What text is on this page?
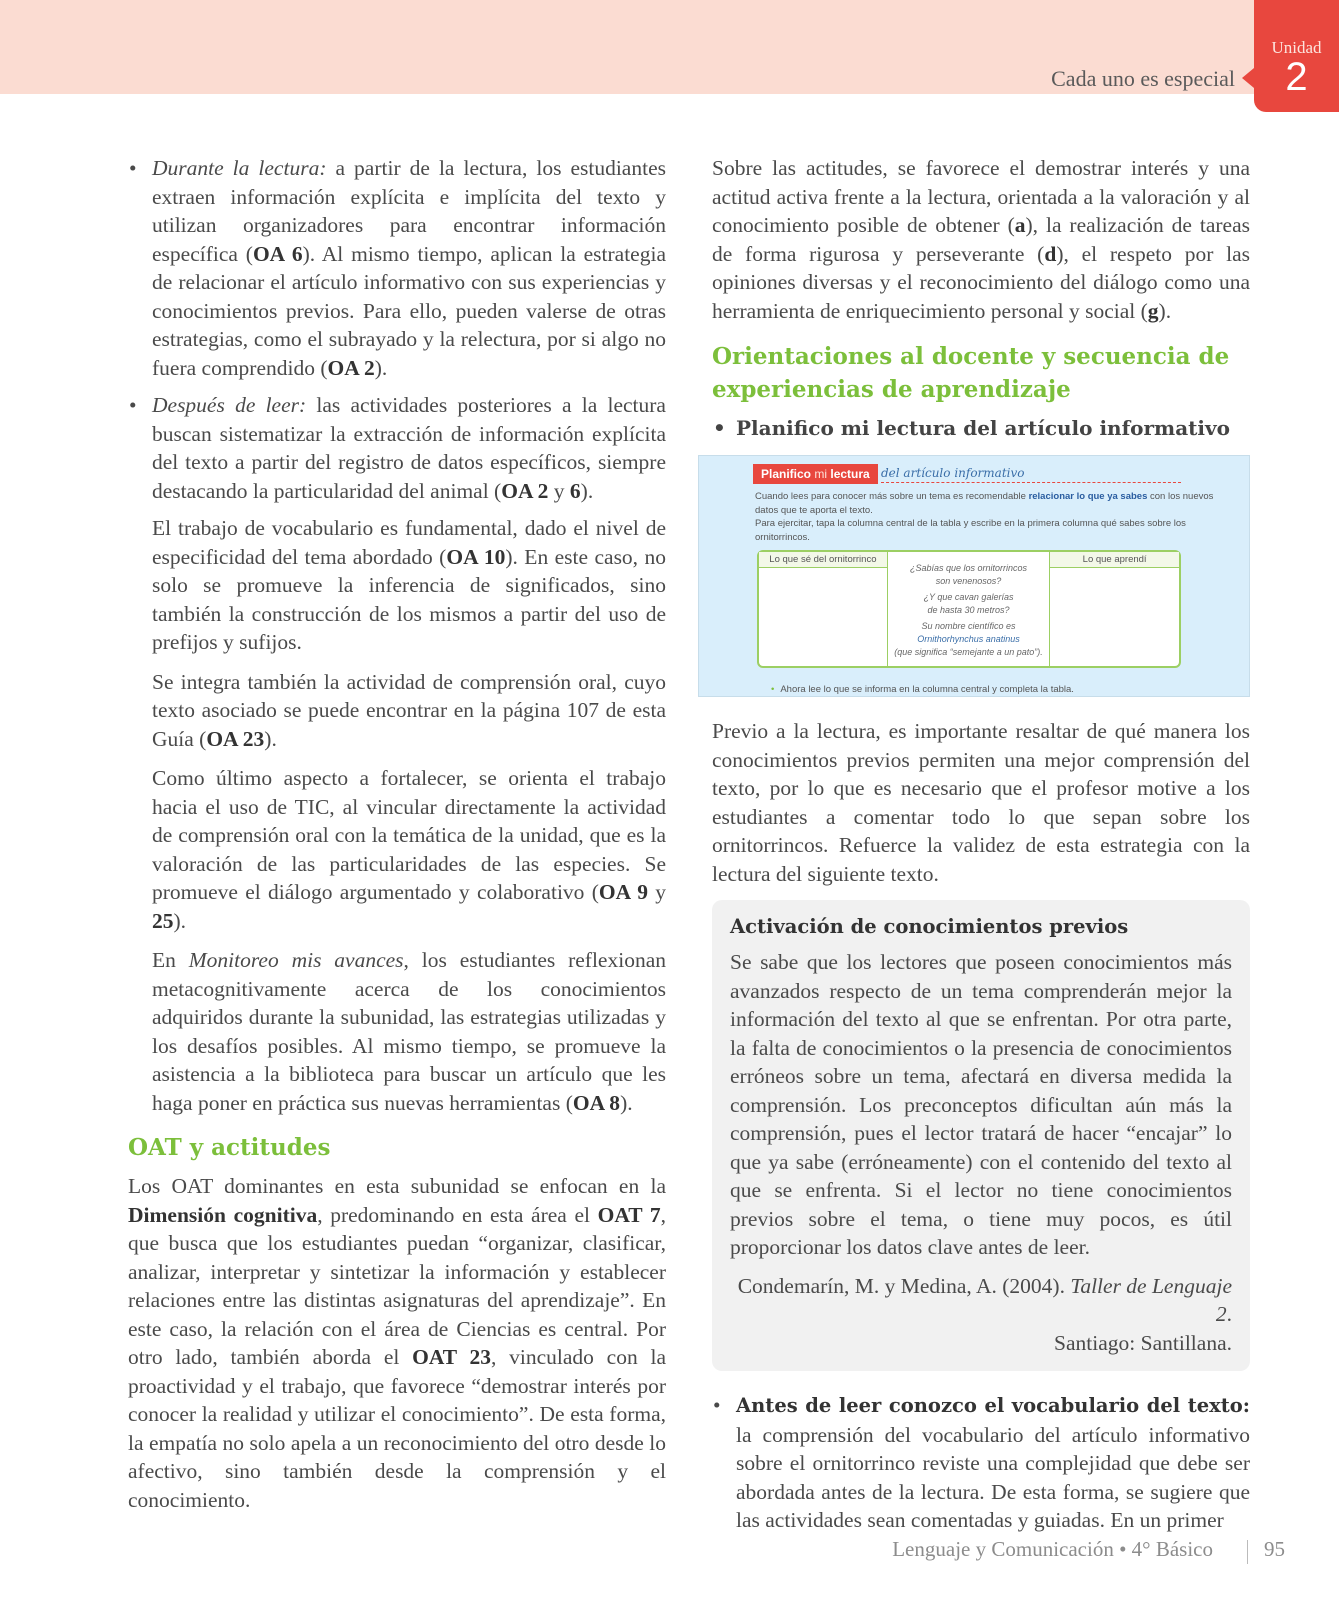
Cada uno es especial
Unidad
2
• Durante la lectura: a partir de la lectura, los estudiantes extraen información explícita e implícita del texto y utilizan organizadores para encontrar información específica (OA 6). Al mismo tiempo, aplican la estrategia de relacionar el artículo informativo con sus experiencias y conocimientos previos. Para ello, pueden valerse de otras estrategias, como el subrayado y la relectura, por si algo no fuera comprendido (OA 2).
• Después de leer: las actividades posteriores a la lectura buscan sistematizar la extracción de información explícita del texto a partir del registro de datos específicos, siempre destacando la particularidad del animal (OA 2 y 6).

El trabajo de vocabulario es fundamental, dado el nivel de especificidad del tema abordado (OA 10). En este caso, no solo se promueve la inferencia de significados, sino también la construcción de los mismos a partir del uso de prefijos y sufijos.

Se integra también la actividad de comprensión oral, cuyo texto asociado se puede encontrar en la página 107 de esta Guía (OA 23).

Como último aspecto a fortalecer, se orienta el trabajo hacia el uso de TIC, al vincular directamente la actividad de comprensión oral con la temática de la unidad, que es la valoración de las particularidades de las especies. Se promueve el diálogo argumentado y colaborativo (OA 9 y 25).

En Monitoreo mis avances, los estudiantes reflexionan metacognitivamente acerca de los conocimientos adquiridos durante la subunidad, las estrategias utilizadas y los desafíos posibles. Al mismo tiempo, se promueve la asistencia a la biblioteca para buscar un artículo que les haga poner en práctica sus nuevas herramientas (OA 8).

OAT y actitudes

Los OAT dominantes en esta subunidad se enfocan en la Dimensión cognitiva, predominando en esta área el OAT 7, que busca que los estudiantes puedan “organizar, clasificar, analizar, interpretar y sintetizar la información y establecer relaciones entre las distintas asignaturas del aprendizaje”. En este caso, la relación con el área de Ciencias es central. Por otro lado, también aborda el OAT 23, vinculado con la proactividad y el trabajo, que favorece “demostrar interés por conocer la realidad y utilizar el conocimiento”. De esta forma, la empatía no solo apela a un reconocimiento del otro desde lo afectivo, sino también desde la comprensión y el conocimiento.

Sobre las actitudes, se favorece el demostrar interés y una actitud activa frente a la lectura, orientada a la valoración y al conocimiento posible de obtener (a), la realización de tareas de forma rigurosa y perseverante (d), el respeto por las opiniones diversas y el reconocimiento del diálogo como una herramienta de enriquecimiento personal y social (g).

Orientaciones al docente y secuencia de experiencias de aprendizaje
• Planifico mi lectura del artículo informativo
Planifico mi lectura del artículo informativo
Cuando lees para conocer más sobre un tema es recomendable relacionar lo que ya sabes con los nuevos datos que te aporta el texto.
Para ejercitar, tapa la columna central de la tabla y escribe en la primera columna qué sabes sobre los ornitorrincos.
Lo que sé del ornitorrinco
¿Sabías que los ornitorrincos
son venenosos?
¿Y que cavan galerías
de hasta 30 metros?
Su nombre científico es
Ornithorhynchus anatinus
(que significa “semejante a un pato”).
Lo que aprendí
• Ahora lee lo que se informa en la columna central y completa la tabla.

Previo a la lectura, es importante resaltar de qué manera los conocimientos previos permiten una mejor comprensión del texto, por lo que es necesario que el profesor motive a los estudiantes a comentar todo lo que sepan sobre los ornitorrincos. Refuerce la validez de esta estrategia con la lectura del siguiente texto.

Activación de conocimientos previos

Se sabe que los lectores que poseen conocimientos más avanzados respecto de un tema comprenderán mejor la información del texto al que se enfrentan. Por otra parte, la falta de conocimientos o la presencia de conocimientos erróneos sobre un tema, afectará en diversa medida la comprensión. Los preconceptos dificultan aún más la comprensión, pues el lector tratará de hacer “encajar” lo que ya sabe (erróneamente) con el contenido del texto al que se enfrenta. Si el lector no tiene conocimientos previos sobre el tema, o tiene muy pocos, es útil proporcionar los datos clave antes de leer.

Condemarín, M. y Medina, A. (2004). Taller de Lenguaje 2.
Santiago: Santillana.
• Antes de leer conozco el vocabulario del texto: la comprensión del vocabulario del artículo informativo sobre el ornitorrinco reviste una complejidad que debe ser abordada antes de la lectura. De esta forma, se sugiere que las actividades sean comentadas y guiadas. En un primer
Lenguaje y Comunicación • 4° Básico 95
